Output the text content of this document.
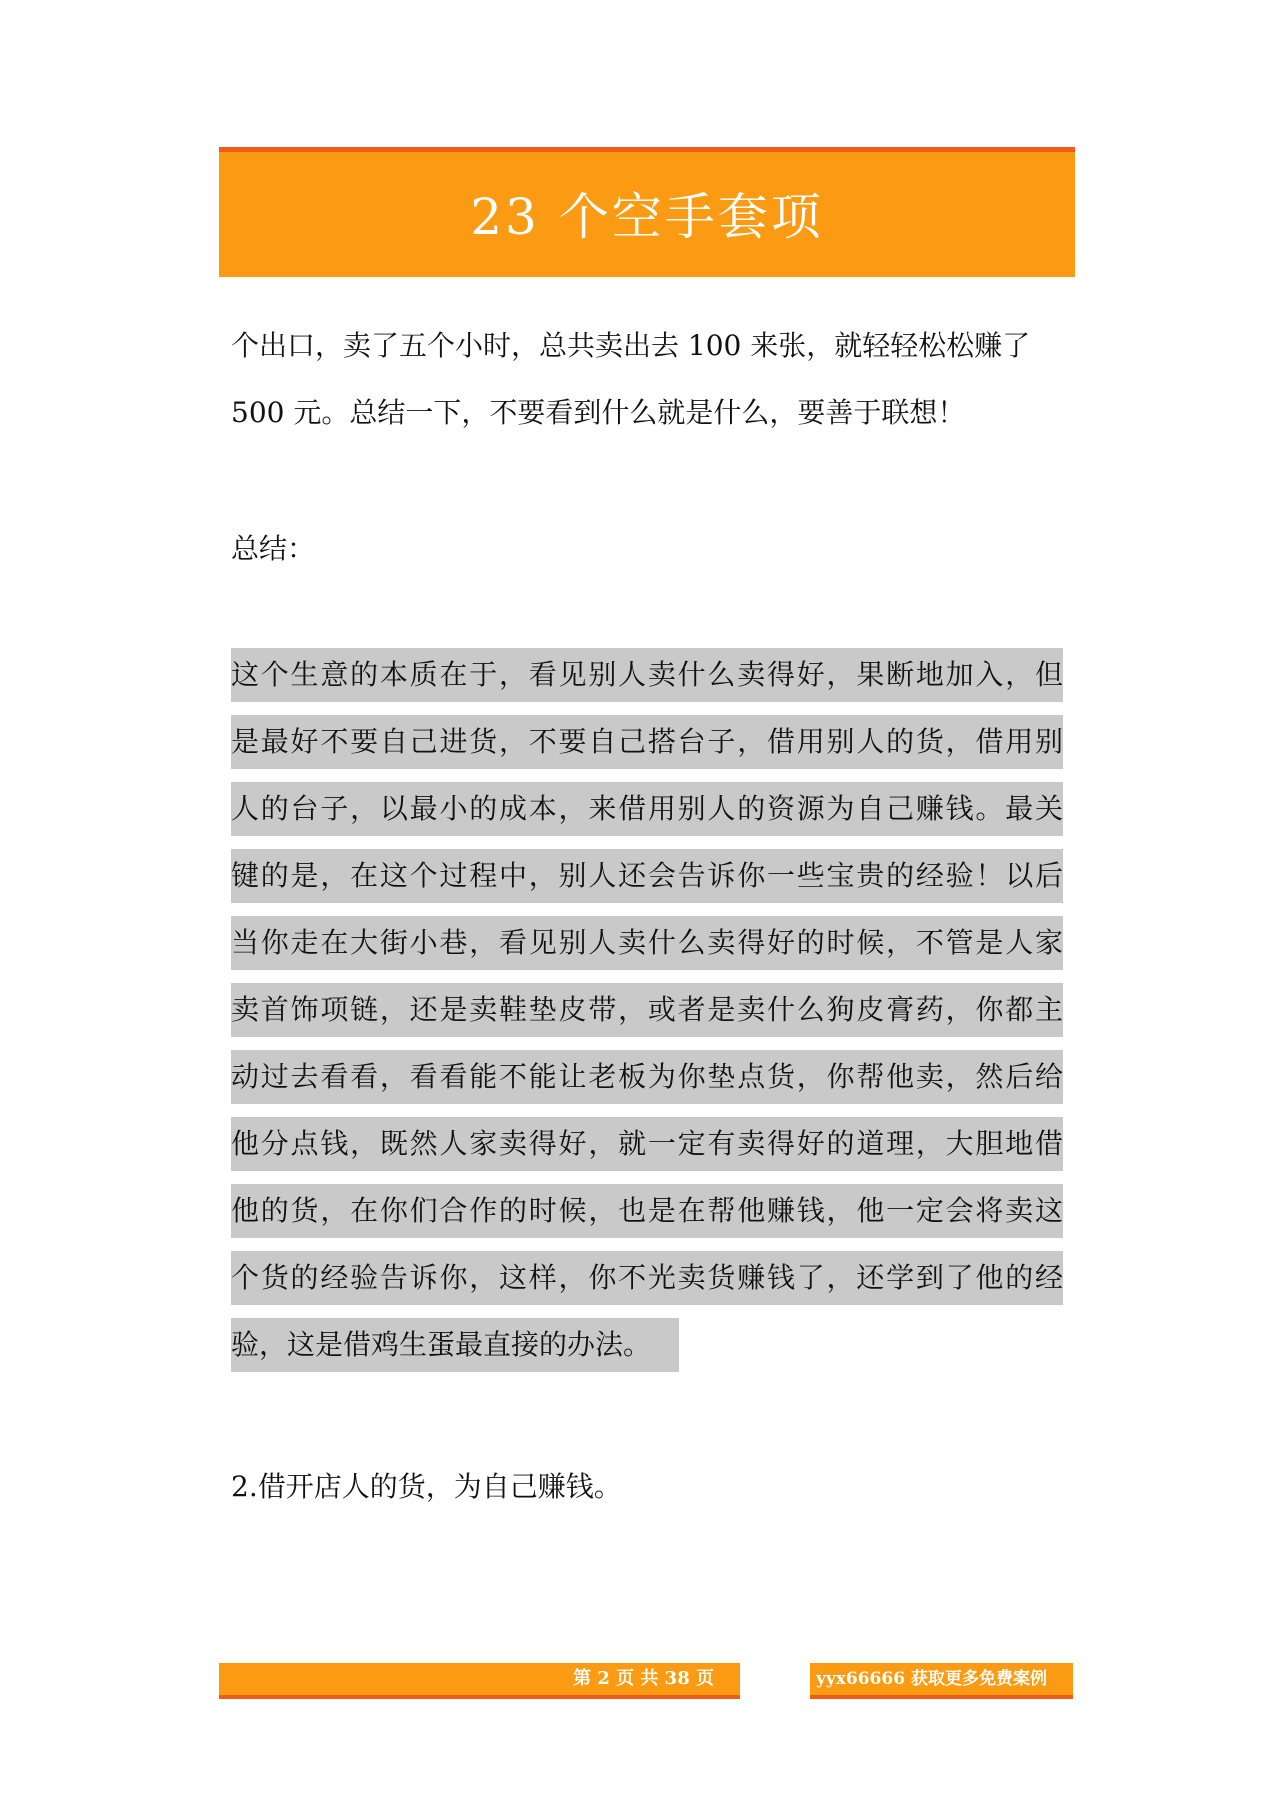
23 个空手套项
个出口，卖了五个小时，总共卖出去 100 来张，就轻轻松松赚了
500 元。总结一下，不要看到什么就是什么，要善于联想！
总结：
这个生意的本质在于，看见别人卖什么卖得好，果断地加入，但
是最好不要自己进货，不要自己搭台子，借用别人的货，借用别
人的台子，以最小的成本，来借用别人的资源为自己赚钱。最关
键的是，在这个过程中，别人还会告诉你一些宝贵的经验！以后
当你走在大街小巷，看见别人卖什么卖得好的时候，不管是人家
卖首饰项链，还是卖鞋垫皮带，或者是卖什么狗皮膏药，你都主
动过去看看，看看能不能让老板为你垫点货，你帮他卖，然后给
他分点钱，既然人家卖得好，就一定有卖得好的道理，大胆地借
他的货，在你们合作的时候，也是在帮他赚钱，他一定会将卖这
个货的经验告诉你，这样，你不光卖货赚钱了，还学到了他的经
验，这是借鸡生蛋最直接的办法。
2.借开店人的货，为自己赚钱。
第 2 页 共 38 页	yyx66666 获取更多免费案例
